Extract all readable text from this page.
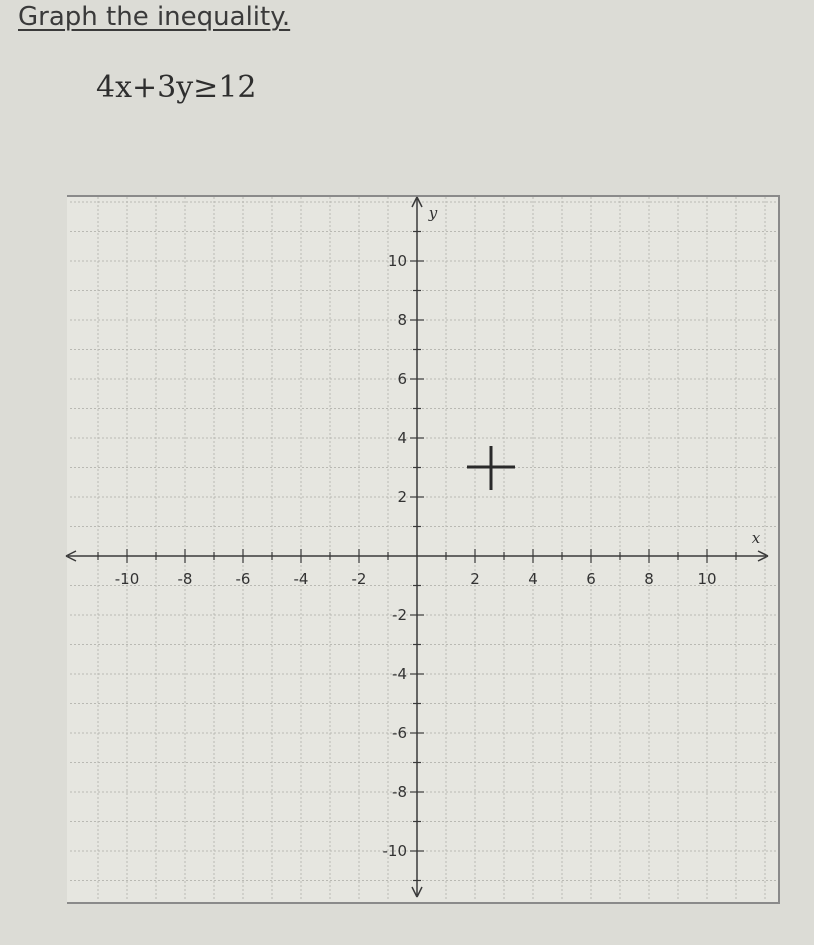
Graph the inequality.
4x+3y≥12
-10	-8	-6	-4	-2	2	4	6	8	10
10
8
6
4
2
-2
-4
-6
-8
-10
x
y
